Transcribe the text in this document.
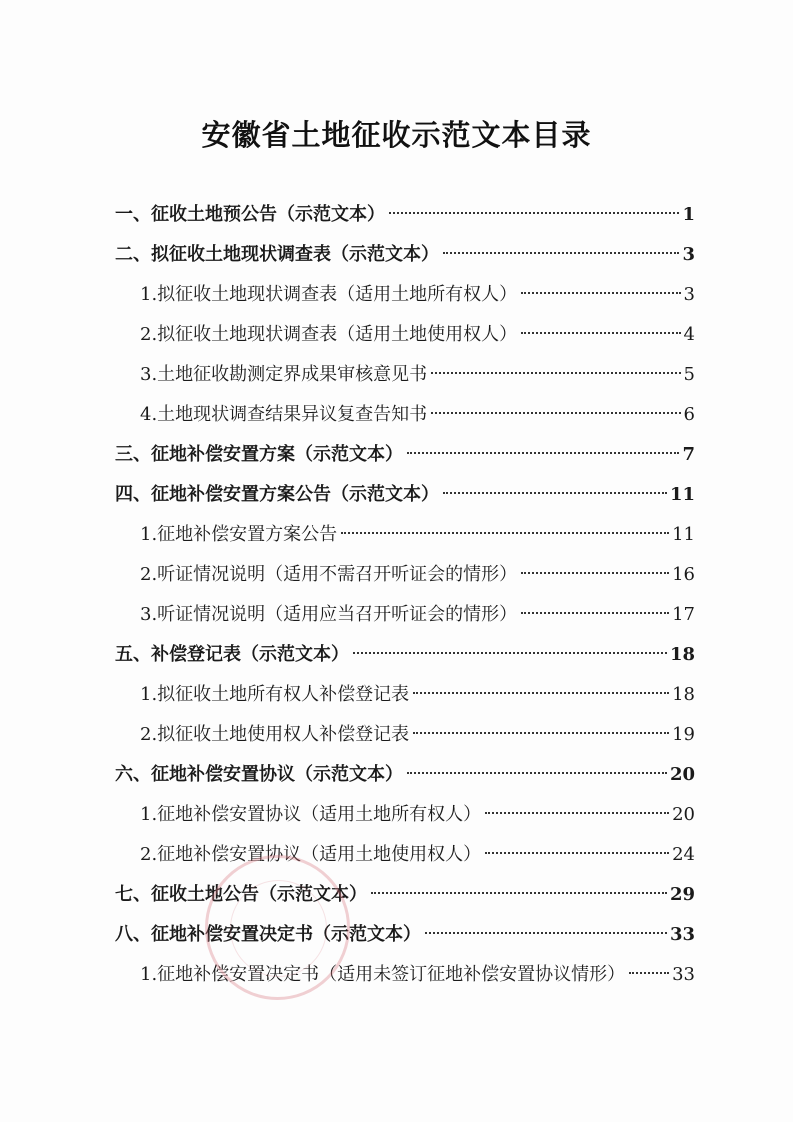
安徽省土地征收示范文本目录
一、征收土地预公告（示范文本）	1
二、拟征收土地现状调查表（示范文本）	3
1.拟征收土地现状调查表（适用土地所有权人）	3
2.拟征收土地现状调查表（适用土地使用权人）	4
3.土地征收勘测定界成果审核意见书	5
4.土地现状调查结果异议复查告知书	6
三、征地补偿安置方案（示范文本）	7
四、征地补偿安置方案公告（示范文本）	11
1.征地补偿安置方案公告	11
2.听证情况说明（适用不需召开听证会的情形）	16
3.听证情况说明（适用应当召开听证会的情形）	17
五、补偿登记表（示范文本）	18
1.拟征收土地所有权人补偿登记表	18
2.拟征收土地使用权人补偿登记表	19
六、征地补偿安置协议（示范文本）	20
1.征地补偿安置协议（适用土地所有权人）	20
2.征地补偿安置协议（适用土地使用权人）	24
七、征收土地公告（示范文本）	29
八、征地补偿安置决定书（示范文本）	33
1.征地补偿安置决定书（适用未签订征地补偿安置协议情形）	33
